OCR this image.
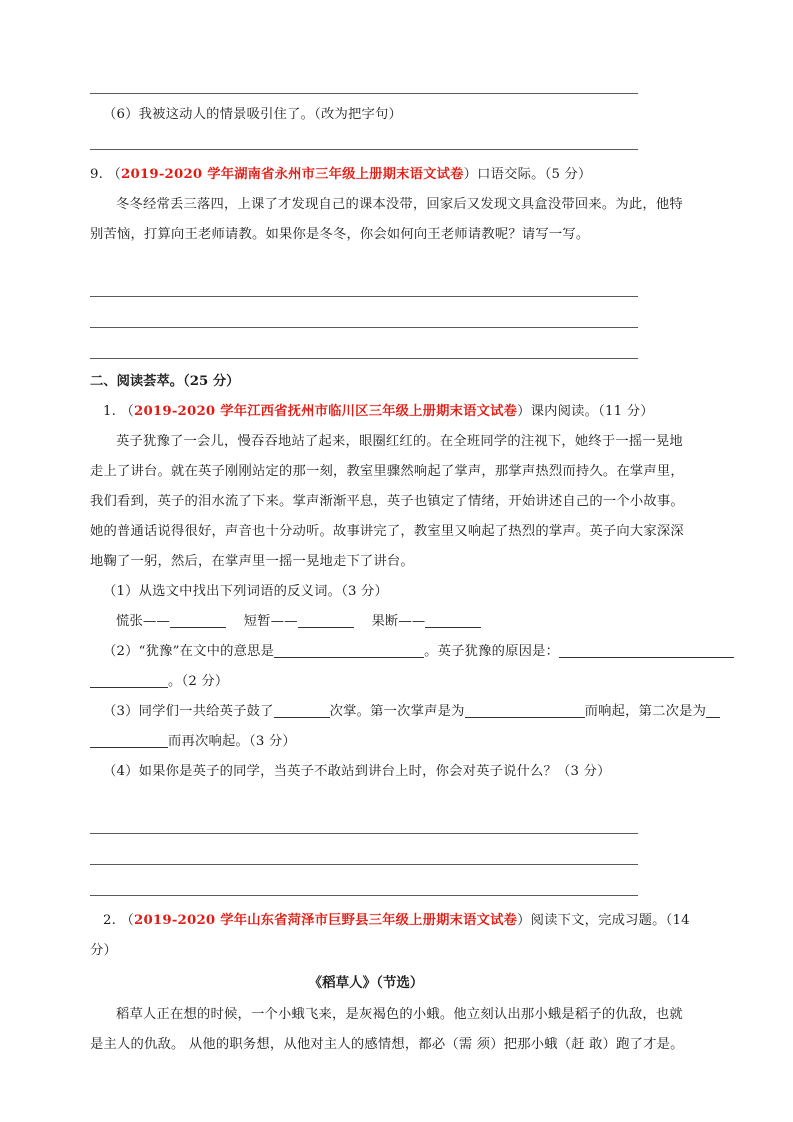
（6）我被这动人的情景吸引住了。（改为把字句）
9. （2019-2020 学年湖南省永州市三年级上册期末语文试卷）口语交际。（5 分）
冬冬经常丢三落四，上课了才发现自己的课本没带，回家后又发现文具盒没带回来。为此，他特
别苦恼，打算向王老师请教。如果你是冬冬，你会如何向王老师请教呢？请写一写。
二、阅读荟萃。（25 分）
1. （2019-2020 学年江西省抚州市临川区三年级上册期末语文试卷）课内阅读。（11 分）
英子犹豫了一会儿，慢吞吞地站了起来，眼圈红红的。在全班同学的注视下，她终于一摇一晃地
走上了讲台。就在英子刚刚站定的那一刻，教室里骤然响起了掌声，那掌声热烈而持久。在掌声里，
我们看到，英子的泪水流了下来。掌声渐渐平息，英子也镇定了情绪，开始讲述自己的一个小故事。
她的普通话说得很好，声音也十分动听。故事讲完了，教室里又响起了热烈的掌声。英子向大家深深
地鞠了一躬，然后，在掌声里一摇一晃地走下了讲台。
（1）从选文中找出下列词语的反义词。（3 分）
慌张——	短暂——	果断——
（2）“犹豫”在文中的意思是	。英子犹豫的原因是：
。（2 分）
（3）同学们一共给英子鼓了	次掌。第一次掌声是为	而响起，第二次是为
而再次响起。（3 分）
（4）如果你是英子的同学，当英子不敢站到讲台上时，你会对英子说什么？（3 分）
2. （2019-2020 学年山东省菏泽市巨野县三年级上册期末语文试卷）阅读下文，完成习题。（14
分）
《稻草人》（节选）
稻草人正在想的时候，一个小蛾飞来，是灰褐色的小蛾。他立刻认出那小蛾是稻子的仇敌，也就
是主人的仇敌。 从他的职务想，从他对主人的感情想，都必（需 须）把那小蛾（赶 敢）跑了才是。
